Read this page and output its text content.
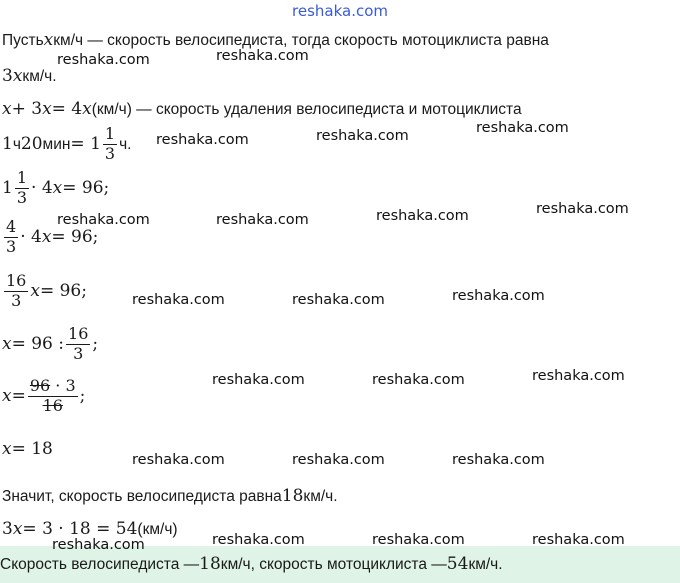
reshaka.com
Пусть x км/ч — скорость велосипедиста, тогда скорость мотоциклиста равна
3 x км/ч.
x + 3 x = 4 x (км/ч) — скорость удаления велосипедиста и мотоциклиста
1 ч 20 мин = $1 \frac{1}{3} ч$.
$1 \frac{1}{3} \cdot 4$ x = 96;
$\frac{4}{3} \cdot 4$ x = 96;
$\frac{16}{3}$ x = 96;
x = 96 : $\frac{16}{3}$ ;
$x = \frac{96 \cdot 3}{16}$ ;
x = 18
Значит, скорость велосипедиста равна 18 км/ч.
3 x = 3 · 18 = 54 (км/ч)
Скорость велосипедиста — 18 км/ч, скорость мотоциклиста — 54 км/ч.
reshaka.com	reshaka.com
reshaka.com	reshaka.com	reshaka.com
reshaka.com	reshaka.com	reshaka.com	reshaka.com
reshaka.com	reshaka.com	reshaka.com
reshaka.com	reshaka.com	reshaka.com
reshaka.com	reshaka.com	reshaka.com
reshaka.com	reshaka.com	reshaka.com
reshaka.com
